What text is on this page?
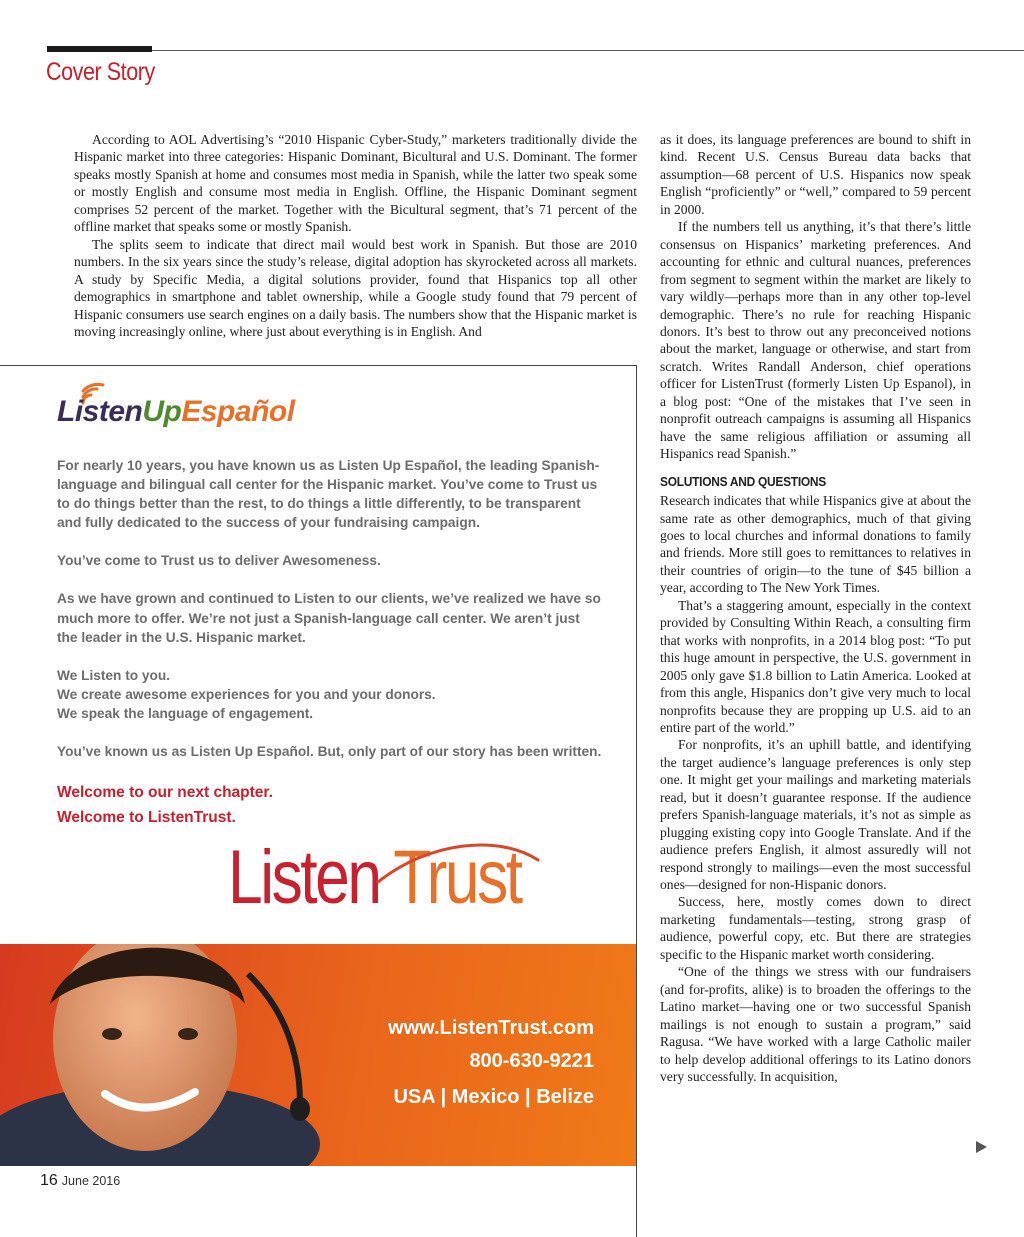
Cover Story

According to AOL Advertising’s “2010 Hispanic Cyber-Study,” marketers traditionally divide the Hispanic market into three categories: Hispanic Dominant, Bicultural and U.S. Dominant. The former speaks mostly Spanish at home and consumes most media in Spanish, while the latter two speak some or mostly English and consume most media in English. Offline, the Hispanic Dominant segment comprises 52 percent of the market. Together with the Bicultural segment, that’s 71 percent of the offline market that speaks some or mostly Spanish.

The splits seem to indicate that direct mail would best work in Spanish. But those are 2010 numbers. In the six years since the study’s release, digital adoption has skyrocketed across all markets. A study by Specific Media, a digital solutions provider, found that Hispanics top all other demographics in smartphone and tablet ownership, while a Google study found that 79 percent of Hispanic consumers use search engines on a daily basis. The numbers show that the Hispanic market is moving increasingly online, where just about everything is in English. And

as it does, its language preferences are bound to shift in kind. Recent U.S. Census Bureau data backs that assumption—68 percent of U.S. Hispanics now speak English “proficiently” or “well,” compared to 59 percent in 2000.

If the numbers tell us anything, it’s that there’s little consensus on Hispanics’ marketing preferences. And accounting for ethnic and cultural nuances, preferences from segment to segment within the market are likely to vary wildly—perhaps more than in any other top-level demographic. There’s no rule for reaching Hispanic donors. It’s best to throw out any preconceived notions about the market, language or otherwise, and start from scratch. Writes Randall Anderson, chief operations officer for ListenTrust (formerly Listen Up Espanol), in a blog post: “One of the mistakes that I’ve seen in nonprofit outreach campaigns is assuming all Hispanics have the same religious affiliation or assuming all Hispanics read Spanish.”

SOLUTIONS AND QUESTIONS

Research indicates that while Hispanics give at about the same rate as other demographics, much of that giving goes to local churches and informal donations to family and friends. More still goes to remittances to relatives in their countries of origin—to the tune of $45 billion a year, according to The New York Times.

That’s a staggering amount, especially in the context provided by Consulting Within Reach, a consulting firm that works with nonprofits, in a 2014 blog post: “To put this huge amount in perspective, the U.S. government in 2005 only gave $1.8 billion to Latin America. Looked at from this angle, Hispanics don’t give very much to local nonprofits because they are propping up U.S. aid to an entire part of the world.”

For nonprofits, it’s an uphill battle, and identifying the target audience’s language preferences is only step one. It might get your mailings and marketing materials read, but it doesn’t guarantee response. If the audience prefers Spanish-language materials, it’s not as simple as plugging existing copy into Google Translate. And if the audience prefers English, it almost assuredly will not respond strongly to mailings—even the most successful ones—designed for non-Hispanic donors.

Success, here, mostly comes down to direct marketing fundamentals—testing, strong grasp of audience, powerful copy, etc. But there are strategies specific to the Hispanic market worth considering.

“One of the things we stress with our fundraisers (and for-profits, alike) is to broaden the offerings to the Latino market—having one or two successful Spanish mailings is not enough to sustain a program,” said Ragusa. “We have worked with a large Catholic mailer to help develop additional offerings to its Latino donors very successfully. In acquisition,

ListenUpEspañol

For nearly 10 years, you have known us as Listen Up Español, the leading Spanish-language and bilingual call center for the Hispanic market. You’ve come to Trust us to do things better than the rest, to do things a little differently, to be transparent and fully dedicated to the success of your fundraising campaign.

You’ve come to Trust us to deliver Awesomeness.

As we have grown and continued to Listen to our clients, we’ve realized we have so much more to offer. We’re not just a Spanish-language call center. We aren’t just the leader in the U.S. Hispanic market.

We Listen to you.

We create awesome experiences for you and your donors.

We speak the language of engagement.

You’ve known us as Listen Up Español. But, only part of our story has been written.

Welcome to our next chapter.
Welcome to ListenTrust.
Listen Trust
www.ListenTrust.com
800-630-9221
USA | Mexico | Belize
16 June 2016
